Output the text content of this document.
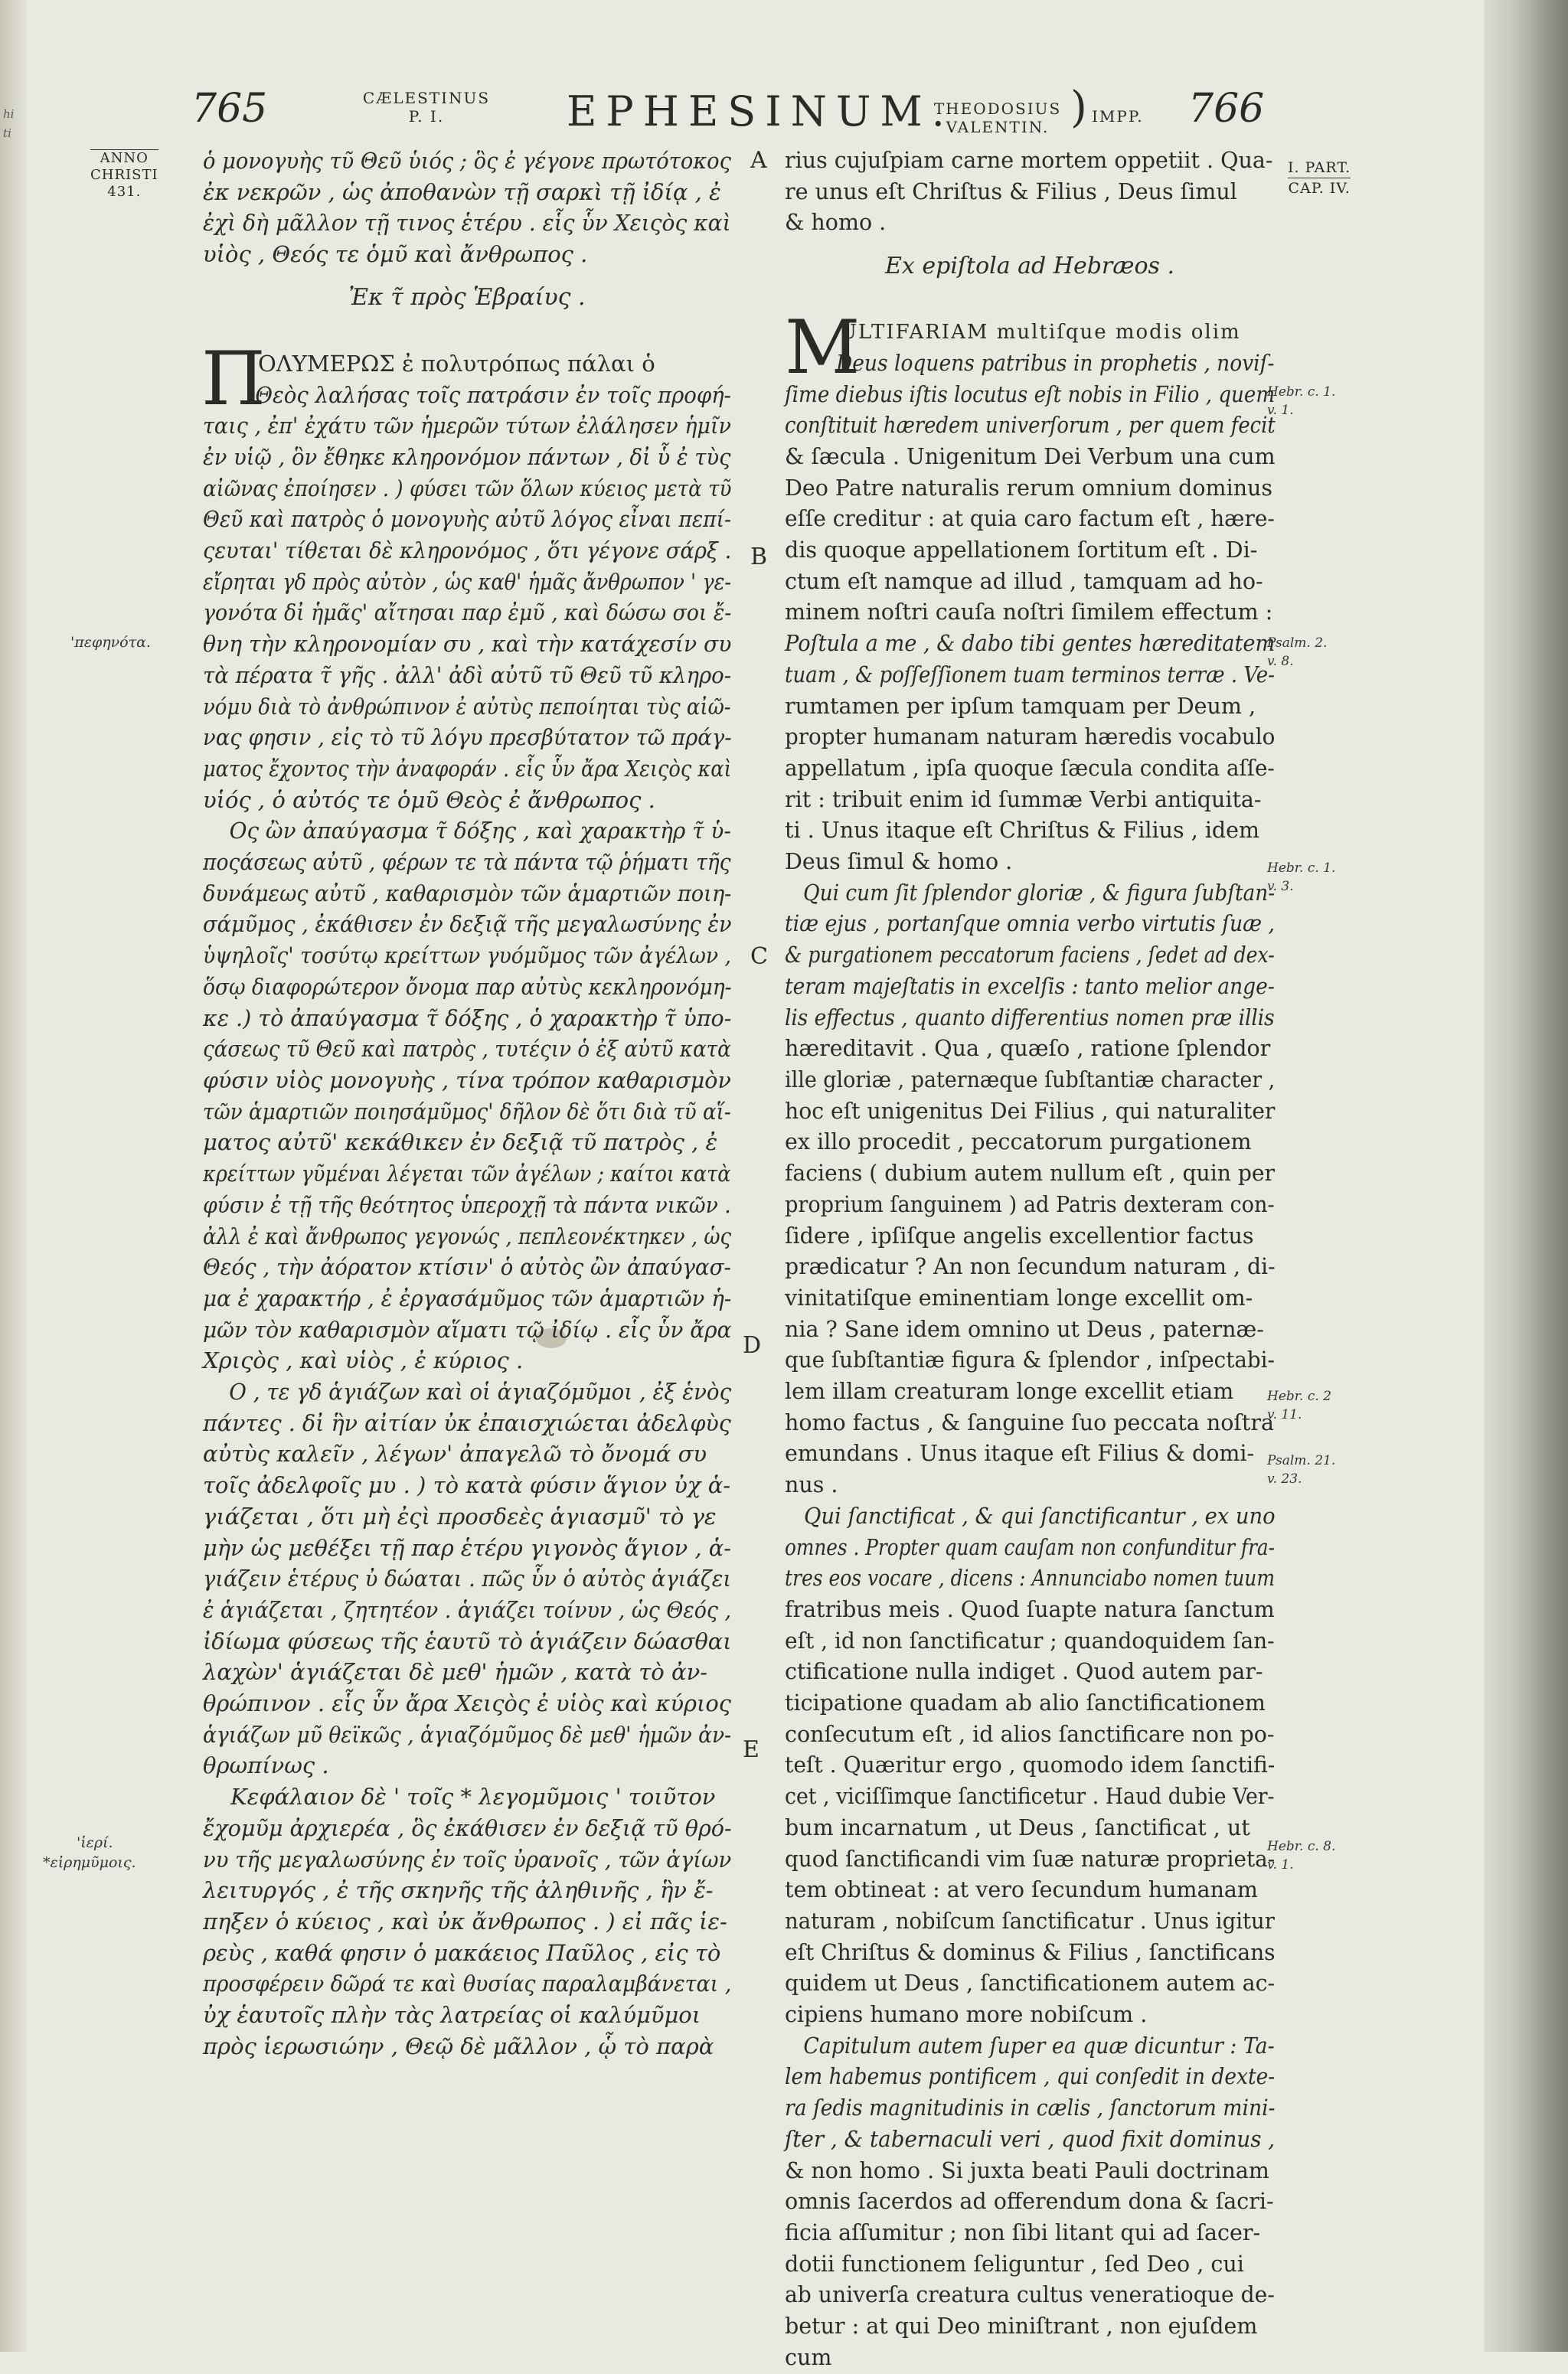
hi
ti
765	CÆLESTINUS
P. I.	EPHESINUM.
THEODOSIUS
VALENTIN. ) IMPP. 766
ANNO
CHRISTI
431.
'πεφηνότα.
'ἱερί.
*εἰρημῦμοις.
A
B
C
D
E
I. PART.
CAP. IV.
Hebr. c. 1.
v. 1.
Psalm. 2.
v. 8.
Hebr. c. 1.
v. 3.
Hebr. c. 2
v. 11.
Psalm. 21.
v. 23.
Hebr. c. 8.
v. 1.
ὁ μονογυὴς τῦ Θεῦ ὑιός ; ὃς ἐ γέγονε πρωτότοκος
ἐκ νεκρῶν , ὡς ἀποθανὼν τῇ σαρκὶ τῇ ἰδίᾳ , ἐ
ἐχὶ δὴ μᾶλλον τῇ τινος ἑτέρυ . εἷς ὗν Χειςὸς καὶ
υἱὸς , Θεός τε ὁμῦ καὶ ἄνθρωπος .
Ἐκ τ̃ πρὸς Ἑβραίυς .
Π
ΟΛΥΜΕΡΩΣ ἐ πολυτρόπως πάλαι ὁ
Θεὸς λαλήσας τοῖς πατράσιν ἐν τοῖς προφή-
ταις , ἐπ' ἐχάτυ τῶν ἡμερῶν τύτων ἐλάλησεν ἡμῖν
ἐν υἱῷ , ὃν ἔθηκε κληρονόμον πάντων , δἰ ὗ ἐ τὺς
αἰῶνας ἐποίησεν . ) φύσει τῶν ὅλων κύειος μετὰ τῦ
Θεῦ καὶ πατρὸς ὁ μονογυὴς αὐτῦ λόγος εἶναι πεπί-
ςευται' τίθεται δὲ κληρονόμος , ὅτι γέγονε σάρξ .
εἴρηται γδ πρὸς αὐτὸν , ὡς καθ' ἡμᾶς ἄνθρωπον ' γε-
γονότα δἰ ἡμᾶς' αἴτησαι παρ ἐμῦ , καὶ δώσω σοι ἔ-
θνη τὴν κληρονομίαν συ , καὶ τὴν κατάχεσίν συ
τὰ πέρατα τ̃ γῆς . ἀλλ' ἀδὶ αὐτῦ τῦ Θεῦ τῦ κληρο-
νόμυ διὰ τὸ ἀνθρώπινον ἐ αὐτὺς πεποίηται τὺς αἰῶ-
νας φησιν , εἰς τὸ τῦ λόγυ πρεσβύτατον τῶ πράγ-
ματος ἔχοντος τὴν ἀναφοράν . εἷς ὗν ἄρα Χειςὸς καὶ
υἱός , ὁ αὐτός τε ὁμῦ Θεὸς ἐ ἄνθρωπος .
Ος ὢν ἀπαύγασμα τ̃ δόξης , καὶ χαρακτὴρ τ̃ ὑ-
ποςάσεως αὐτῦ , φέρων τε τὰ πάντα τῷ ῥήματι τῆς
δυνάμεως αὐτῦ , καθαρισμὸν τῶν ἁμαρτιῶν ποιη-
σάμῦμος , ἐκάθισεν ἐν δεξιᾷ τῆς μεγαλωσύνης ἐν
ὑψηλοῖς' τοσύτῳ κρείττων γυόμῦμος τῶν ἀγέλων ,
ὅσῳ διαφορώτερον ὄνομα παρ αὐτὺς κεκληρονόμη-
κε .) τὸ ἀπαύγασμα τ̃ δόξης , ὁ χαρακτὴρ τ̃ ὑπο-
ςάσεως τῦ Θεῦ καὶ πατρὸς , τυτέςιν ὁ ἐξ αὐτῦ κατὰ
φύσιν υἱὸς μονογυὴς , τίνα τρόπον καθαρισμὸν
τῶν ἁμαρτιῶν ποιησάμῦμος' δῆλον δὲ ὅτι διὰ τῦ αἵ-
ματος αὐτῦ' κεκάθικεν ἐν δεξιᾷ τῦ πατρὸς , ἐ
κρείττων γῦμέναι λέγεται τῶν ἀγέλων ; καίτοι κατὰ
φύσιν ἐ τῇ τῆς θεότητος ὑπεροχῇ τὰ πάντα νικῶν .
ἀλλ ἐ καὶ ἄνθρωπος γεγονώς , πεπλεονέκτηκεν , ὡς
Θεός , τὴν ἀόρατον κτίσιν' ὁ αὐτὸς ὢν ἀπαύγασ-
μα ἐ χαρακτήρ , ἐ ἐργασάμῦμος τῶν ἁμαρτιῶν ἡ-
μῶν τὸν καθαρισμὸν αἵματι τῷ ἰδίῳ . εἷς ὗν ἄρα
Χριςὸς , καὶ υἱὸς , ἐ κύριος .
Ο , τε γδ ἁγιάζων καὶ οἱ ἁγιαζόμῦμοι , ἐξ ἑνὸς
πάντες . δἰ ἣν αἰτίαν ὐκ ἐπαισχιώεται ἀδελφὺς
αὐτὺς καλεῖν , λέγων' ἀπαγελῶ τὸ ὄνομά συ
τοῖς ἀδελφοῖς μυ . ) τὸ κατὰ φύσιν ἅγιον ὐχ ἁ-
γιάζεται , ὅτι μὴ ἐςὶ προσδεὲς ἁγιασμῦ' τὸ γε
μὴν ὡς μεθέξει τῇ παρ ἑτέρυ γιγονὸς ἅγιον , ἁ-
γιάζειν ἑτέρυς ὐ δώαται . πῶς ὗν ὁ αὐτὸς ἁγιάζει
ἐ ἁγιάζεται , ζητητέον . ἁγιάζει τοίνυν , ὡς Θεός ,
ἰδίωμα φύσεως τῆς ἑαυτῦ τὸ ἁγιάζειν δώασθαι
λαχὼν' ἁγιάζεται δὲ μεθ' ἡμῶν , κατὰ τὸ ἀν-
θρώπινον . εἷς ὗν ἄρα Χειςὸς ἐ υἱὸς καὶ κύριος
ἁγιάζων μῦ θεϊκῶς , ἁγιαζόμῦμος δὲ μεθ' ἡμῶν ἀν-
θρωπίνως .
Κεφάλαιον δὲ ' τοῖς * λεγομῦμοις ' τοιῦτον
ἔχομῦμ ἀρχιερέα , ὃς ἐκάθισεν ἐν δεξιᾷ τῦ θρό-
νυ τῆς μεγαλωσύνης ἐν τοῖς ὐρανοῖς , τῶν ἁγίων
λειτυργός , ἐ τῆς σκηνῆς τῆς ἀληθινῆς , ἣν ἔ-
πηξεν ὁ κύειος , καὶ ὐκ ἄνθρωπος . ) εἰ πᾶς ἱε-
ρεὺς , καθά φησιν ὁ μακάειος Παῦλος , εἰς τὸ
προσφέρειν δῶρά τε καὶ θυσίας παραλαμβάνεται ,
ὐχ ἑαυτοῖς πλὴν τὰς λατρείας οἱ καλύμῦμοι
πρὸς ἱερωσιώην , Θεῷ δὲ μᾶλλον , ᾧ τὸ παρὰ
rius cujuſpiam carne mortem oppetiit . Qua-
re unus eſt Chriſtus & Filius , Deus ſimul
& homo .
Ex epiſtola ad Hebræos .
M
ULTIFARIAM multiſque modis olim
Deus loquens patribus in prophetis , noviſ-
ſime diebus iſtis locutus eſt nobis in Filio , quem
conſtituit hæredem univerſorum , per quem fecit
& ſæcula . Unigenitum Dei Verbum una cum
Deo Patre naturalis rerum omnium dominus
eſſe creditur : at quia caro factum eſt , hære-
dis quoque appellationem ſortitum eſt . Di-
ctum eſt namque ad illud , tamquam ad ho-
minem noſtri cauſa noſtri ſimilem effectum :
Poſtula a me , & dabo tibi gentes hæreditatem
tuam , & poſſeſſionem tuam terminos terræ . Ve-
rumtamen per ipſum tamquam per Deum ,
propter humanam naturam hæredis vocabulo
appellatum , ipſa quoque ſæcula condita aſſe-
rit : tribuit enim id ſummæ Verbi antiquita-
ti . Unus itaque eſt Chriſtus & Filius , idem
Deus ſimul & homo .
Qui cum ſit ſplendor gloriæ , & figura ſubſtan-
tiæ ejus , portanſque omnia verbo virtutis ſuæ ,
& purgationem peccatorum faciens , ſedet ad dex-
teram majeſtatis in excelſis : tanto melior ange-
lis effectus , quanto differentius nomen præ illis
hæreditavit . Qua , quæſo , ratione ſplendor
ille gloriæ , paternæque ſubſtantiæ character ,
hoc eſt unigenitus Dei Filius , qui naturaliter
ex illo procedit , peccatorum purgationem
faciens ( dubium autem nullum eſt , quin per
proprium ſanguinem ) ad Patris dexteram con-
ſidere , ipſiſque angelis excellentior factus
prædicatur ? An non ſecundum naturam , di-
vinitatiſque eminentiam longe excellit om-
nia ? Sane idem omnino ut Deus , paternæ-
que ſubſtantiæ figura & ſplendor , inſpectabi-
lem illam creaturam longe excellit etiam
homo factus , & ſanguine ſuo peccata noſtra
emundans . Unus itaque eſt Filius & domi-
nus .
Qui ſanctificat , & qui ſanctificantur , ex uno
omnes . Propter quam cauſam non confunditur fra-
tres eos vocare , dicens : Annunciabo nomen tuum
fratribus meis . Quod ſuapte natura ſanctum
eſt , id non ſanctificatur ; quandoquidem ſan-
ctificatione nulla indiget . Quod autem par-
ticipatione quadam ab alio ſanctificationem
conſecutum eſt , id alios ſanctificare non po-
teſt . Quæritur ergo , quomodo idem ſanctifi-
cet , viciſſimque ſanctificetur . Haud dubie Ver-
bum incarnatum , ut Deus , ſanctificat , ut
quod ſanctificandi vim ſuæ naturæ proprieta-
tem obtineat : at vero ſecundum humanam
naturam , nobiſcum ſanctificatur . Unus igitur
eſt Chriſtus & dominus & Filius , ſanctificans
quidem ut Deus , ſanctificationem autem ac-
cipiens humano more nobiſcum .
Capitulum autem ſuper ea quæ dicuntur : Ta-
lem habemus pontificem , qui conſedit in dexte-
ra ſedis magnitudinis in cælis , ſanctorum mini-
ſter , & tabernaculi veri , quod fixit dominus ,
& non homo . Si juxta beati Pauli doctrinam
omnis ſacerdos ad offerendum dona & ſacri-
ficia aſſumitur ; non ſibi litant qui ad ſacer-
dotii functionem ſeliguntur , ſed Deo , cui
ab univerſa creatura cultus veneratioque de-
betur : at qui Deo miniſtrant , non ejuſdem
cum
